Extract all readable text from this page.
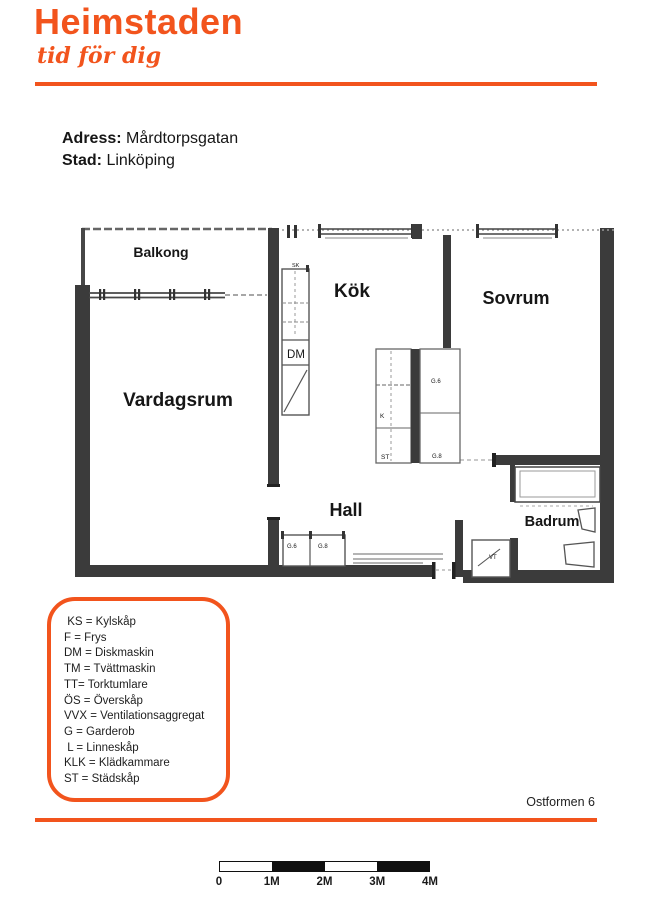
Heimstaden
tid för dig
Adress: Mårdtorpsgatan
Stad: Linköping
SK
DM
K
ST
G.6
G.8
G.6	G.8
VT
Balkong
Vardagsrum
Kök	Sovrum
Hall
Badrum
KS = Kylskåp
F = Frys
DM = Diskmaskin
TM = Tvättmaskin
TT= Torktumlare
ÖS = Överskåp
VVX = Ventilationsaggregat
G = Garderob
L = Linneskåp
KLK = Klädkammare
ST = Städskåp
Ostformen 6
0	1M	2M	3M	4M
